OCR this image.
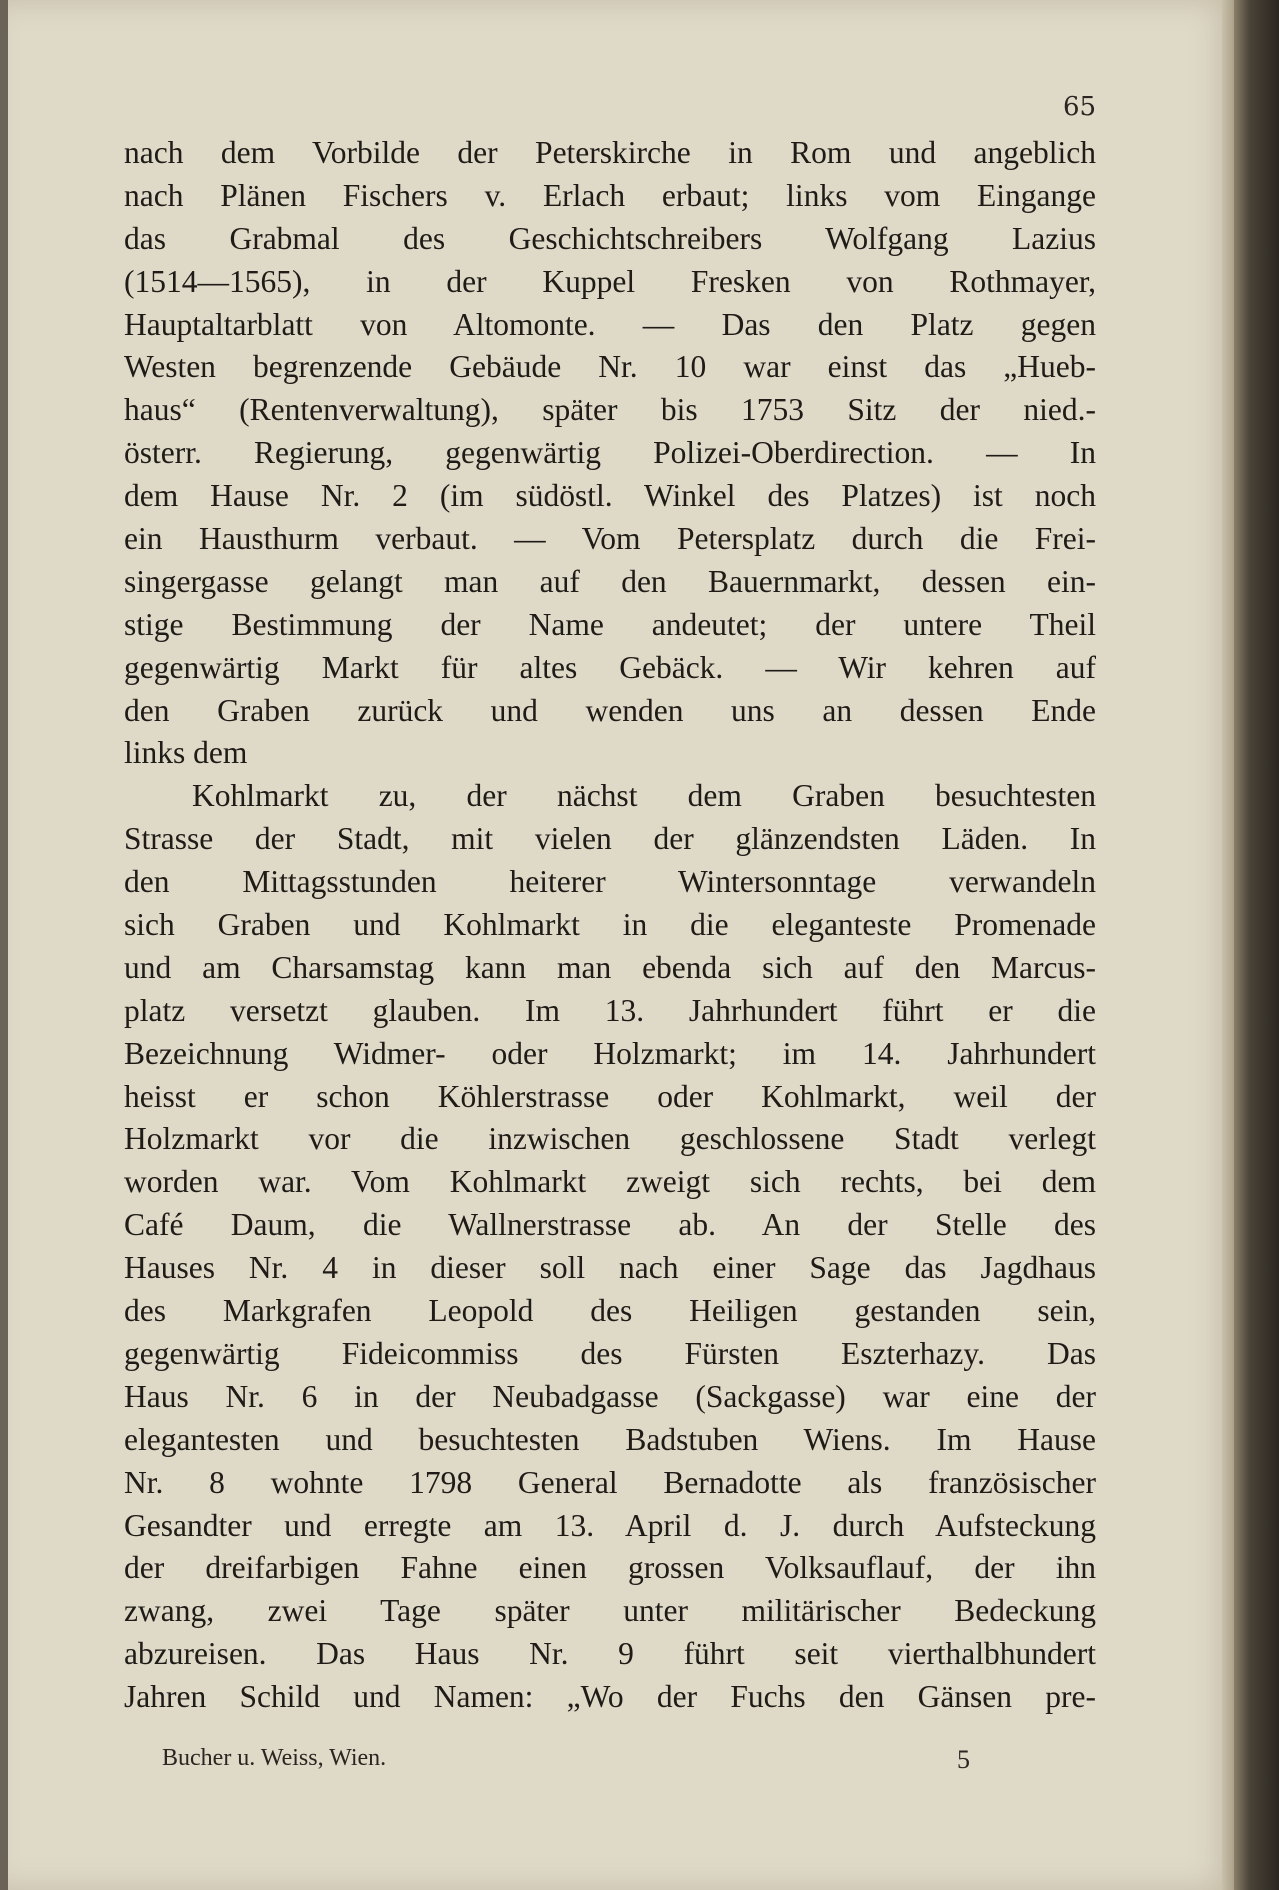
65
nach dem Vorbilde der Peterskirche in Rom und angeblich
nach Plänen Fischers v. Erlach erbaut; links vom Eingange
das Grabmal des Geschichtschreibers Wolfgang Lazius
(1514—1565), in der Kuppel Fresken von Rothmayer,
Hauptaltarblatt von Altomonte. — Das den Platz gegen
Westen begrenzende Gebäude Nr. 10 war einst das „Hueb-
haus“ (Rentenverwaltung), später bis 1753 Sitz der nied.-
österr. Regierung, gegenwärtig Polizei-Oberdirection. — In
dem Hause Nr. 2 (im südöstl. Winkel des Platzes) ist noch
ein Hausthurm verbaut. — Vom Petersplatz durch die Frei-
singergasse gelangt man auf den Bauernmarkt, dessen ein-
stige Bestimmung der Name andeutet; der untere Theil
gegenwärtig Markt für altes Gebäck. — Wir kehren auf
den Graben zurück und wenden uns an dessen Ende
links dem
Kohlmarkt zu, der nächst dem Graben besuchtesten
Strasse der Stadt, mit vielen der glänzendsten Läden. In
den Mittagsstunden heiterer Wintersonntage verwandeln
sich Graben und Kohlmarkt in die eleganteste Promenade
und am Charsamstag kann man ebenda sich auf den Marcus-
platz versetzt glauben. Im 13. Jahrhundert führt er die
Bezeichnung Widmer- oder Holzmarkt; im 14. Jahrhundert
heisst er schon Köhlerstrasse oder Kohlmarkt, weil der
Holzmarkt vor die inzwischen geschlossene Stadt verlegt
worden war. Vom Kohlmarkt zweigt sich rechts, bei dem
Café Daum, die Wallnerstrasse ab. An der Stelle des
Hauses Nr. 4 in dieser soll nach einer Sage das Jagdhaus
des Markgrafen Leopold des Heiligen gestanden sein,
gegenwärtig Fideicommiss des Fürsten Eszterhazy. Das
Haus Nr. 6 in der Neubadgasse (Sackgasse) war eine der
elegantesten und besuchtesten Badstuben Wiens. Im Hause
Nr. 8 wohnte 1798 General Bernadotte als französischer
Gesandter und erregte am 13. April d. J. durch Aufsteckung
der dreifarbigen Fahne einen grossen Volksauflauf, der ihn
zwang, zwei Tage später unter militärischer Bedeckung
abzureisen. Das Haus Nr. 9 führt seit vierthalbhundert
Jahren Schild und Namen: „Wo der Fuchs den Gänsen pre-
Bucher u. Weiss, Wien.	5
